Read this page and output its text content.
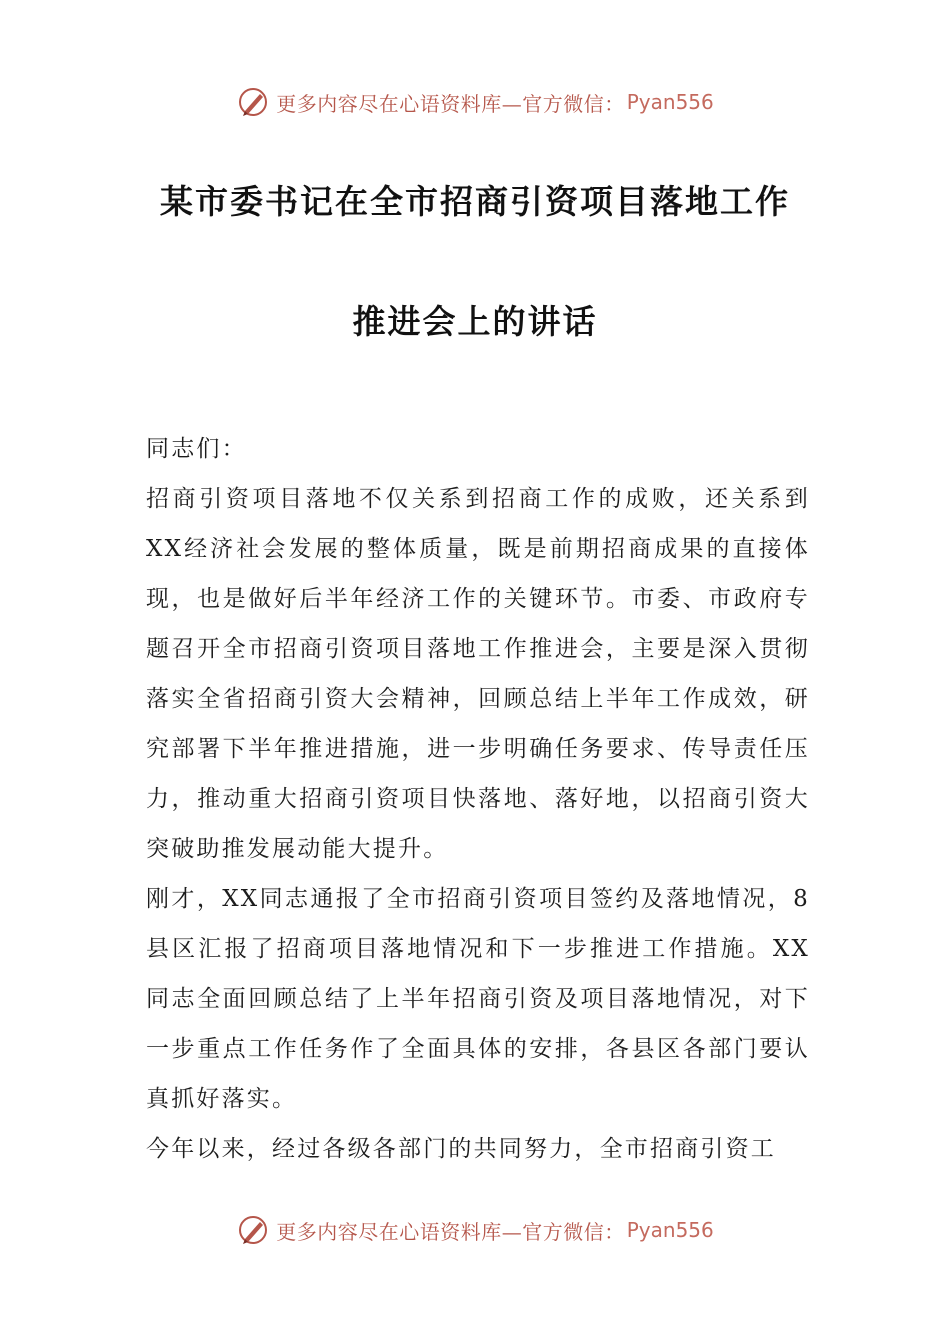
更多内容尽在心语资料库—官方微信： Pyan556
某市委书记在全市招商引资项目落地工作
推进会上的讲话

同志们：

招商引资项目落地不仅关系到招商工作的成败，还关系到XX经济社会发展的整体质量，既是前期招商成果的直接体现，也是做好后半年经济工作的关键环节。市委、市政府专题召开全市招商引资项目落地工作推进会，主要是深入贯彻落实全省招商引资大会精神，回顾总结上半年工作成效，研究部署下半年推进措施，进一步明确任务要求、传导责任压力，推动重大招商引资项目快落地、落好地，以招商引资大突破助推发展动能大提升。

刚才，XX同志通报了全市招商引资项目签约及落地情况，8县区汇报了招商项目落地情况和下一步推进工作措施。XX同志全面回顾总结了上半年招商引资及项目落地情况，对下一步重点工作任务作了全面具体的安排，各县区各部门要认真抓好落实。

今年以来，经过各级各部门的共同努力，全市招商引资工

更多内容尽在心语资料库—官方微信： Pyan556
